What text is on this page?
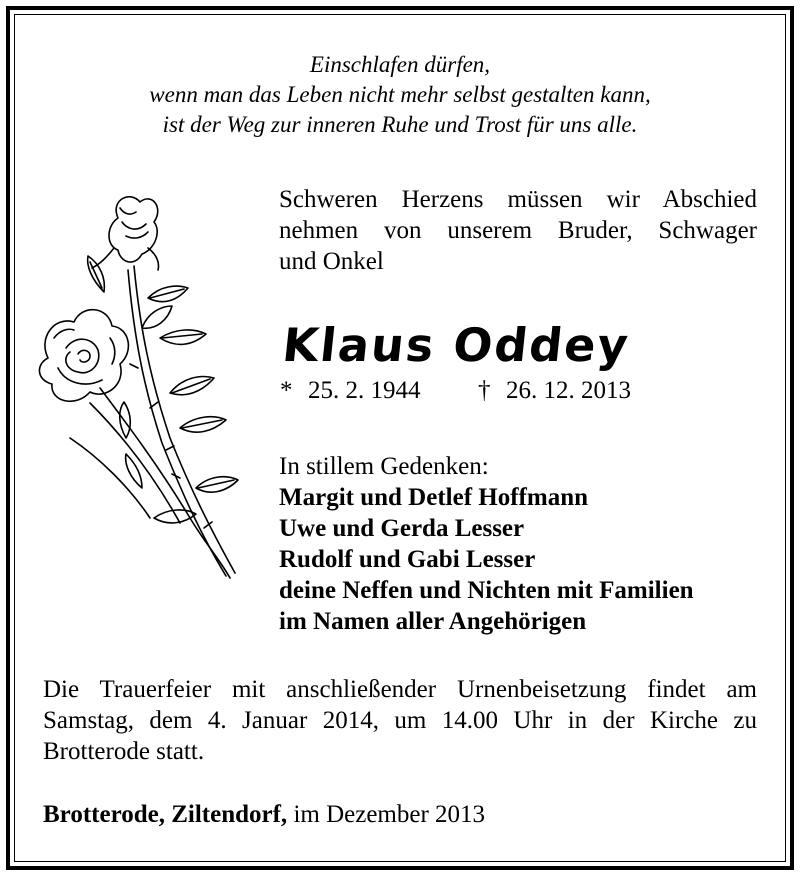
Einschlafen dürfen,
wenn man das Leben nicht mehr selbst gestalten kann,
ist der Weg zur inneren Ruhe und Trost für uns alle.
Schweren Herzens müssen wir Abschied
nehmen von unserem Bruder, Schwager
und Onkel
Klaus Oddey
* 25. 2. 1944 † 26. 12. 2013
In stillem Gedenken:
Margit und Detlef Hoffmann
Uwe und Gerda Lesser
Rudolf und Gabi Lesser
deine Neffen und Nichten mit Familien
im Namen aller Angehörigen
Die Trauerfeier mit anschließender Urnenbeisetzung findet am
Samstag, dem 4. Januar 2014, um 14.00 Uhr in der Kirche zu
Brotterode statt.
Brotterode, Ziltendorf, im Dezember 2013
